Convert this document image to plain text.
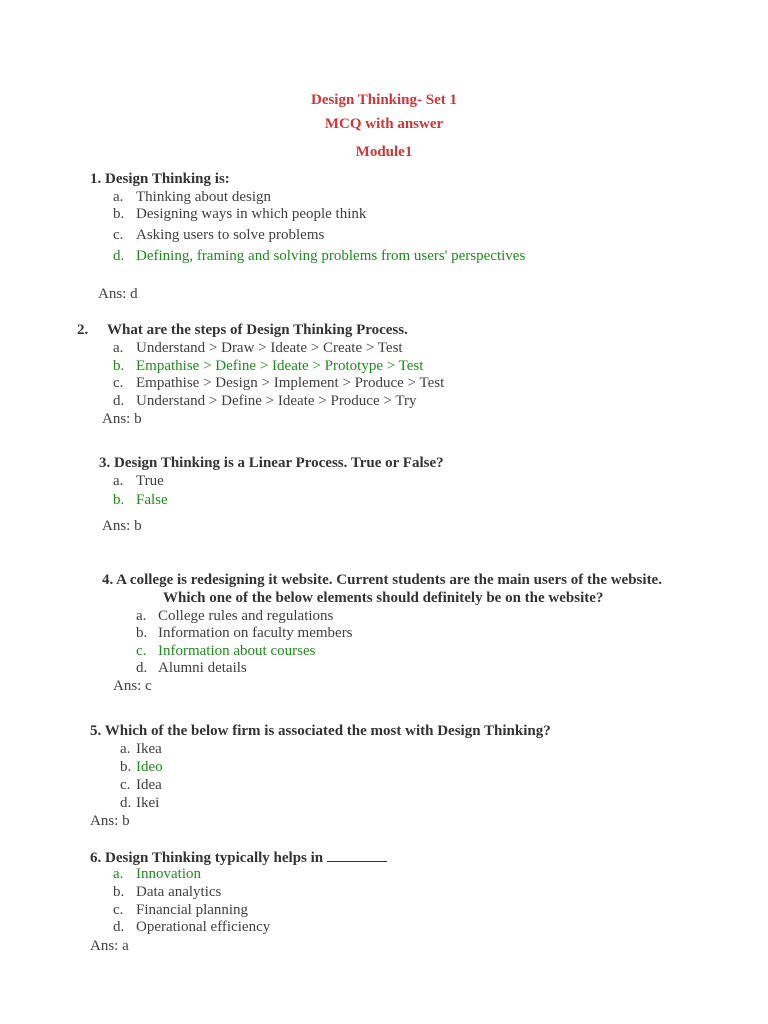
Design Thinking- Set 1
MCQ with answer
Module1
1. Design Thinking is:
a. Thinking about design
b. Designing ways in which people think
c. Asking users to solve problems
d. Defining, framing and solving problems from users' perspectives
Ans: d
2. What are the steps of Design Thinking Process.
a. Understand > Draw > Ideate > Create > Test
b. Empathise > Define > Ideate > Prototype > Test
c. Empathise > Design > Implement > Produce > Test
d. Understand > Define > Ideate > Produce > Try
Ans: b
3. Design Thinking is a Linear Process. True or False?
a. True
b. False
Ans: b
4. A college is redesigning it website. Current students are the main users of the website.
Which one of the below elements should definitely be on the website?
a. College rules and regulations
b. Information on faculty members
c. Information about courses
d. Alumni details
Ans: c
5. Which of the below firm is associated the most with Design Thinking?
a. Ikea
b. Ideo
c. Idea
d. Ikei
Ans: b
6. Design Thinking typically helps in
a. Innovation
b. Data analytics
c. Financial planning
d. Operational efficiency
Ans: a
